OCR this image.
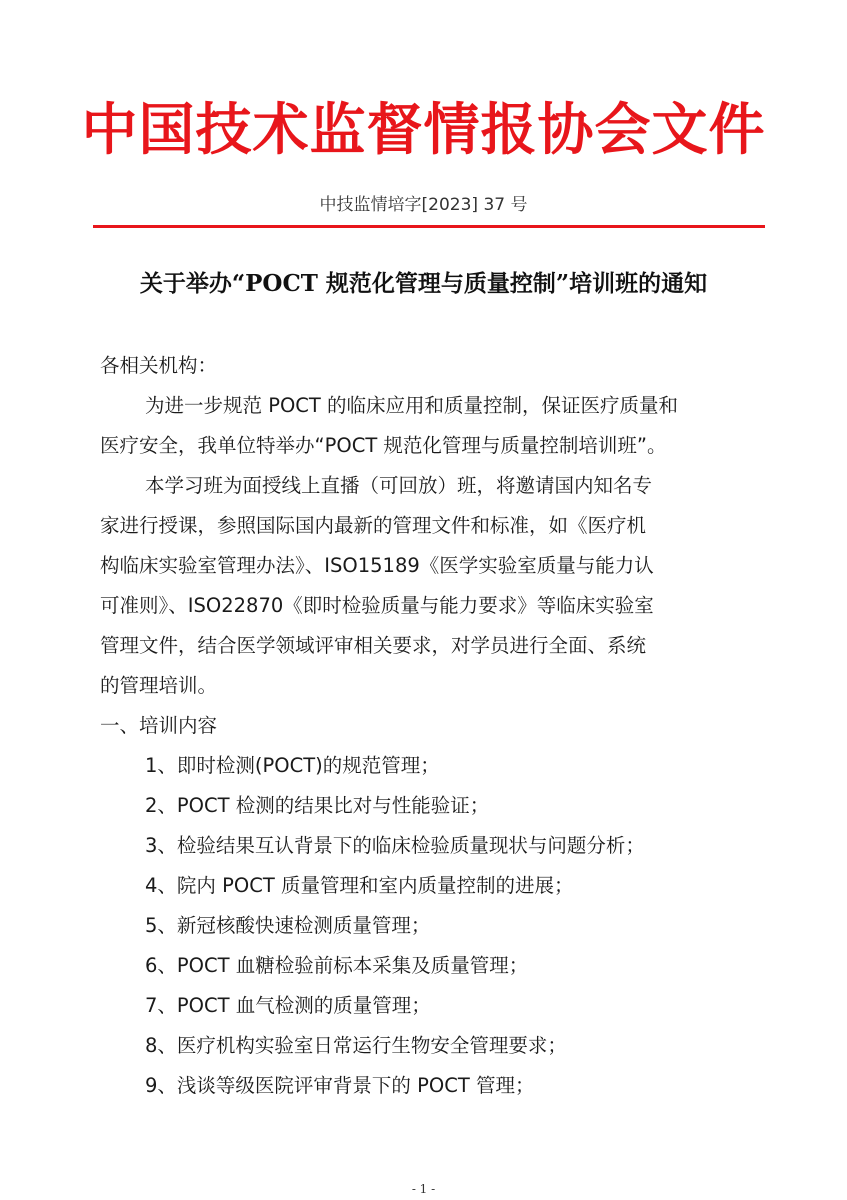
中国技术监督情报协会文件
中技监情培字[2023] 37 号
关于举办“POCT 规范化管理与质量控制”培训班的通知
各相关机构：
为进一步规范 POCT 的临床应用和质量控制，保证医疗质量和
医疗安全，我单位特举办“POCT 规范化管理与质量控制培训班”。
本学习班为面授线上直播（可回放）班，将邀请国内知名专
家进行授课，参照国际国内最新的管理文件和标准，如《医疗机
构临床实验室管理办法》、ISO15189《医学实验室质量与能力认
可准则》、ISO22870《即时检验质量与能力要求》等临床实验室
管理文件，结合医学领域评审相关要求，对学员进行全面、系统
的管理培训。
一、培训内容
1、即时检测(POCT)的规范管理；
2、POCT 检测的结果比对与性能验证；
3、检验结果互认背景下的临床检验质量现状与问题分析；
4、院内 POCT 质量管理和室内质量控制的进展；
5、新冠核酸快速检测质量管理；
6、POCT 血糖检验前标本采集及质量管理；
7、POCT 血气检测的质量管理；
8、医疗机构实验室日常运行生物安全管理要求；
9、浅谈等级医院评审背景下的 POCT 管理；
- 1 -
